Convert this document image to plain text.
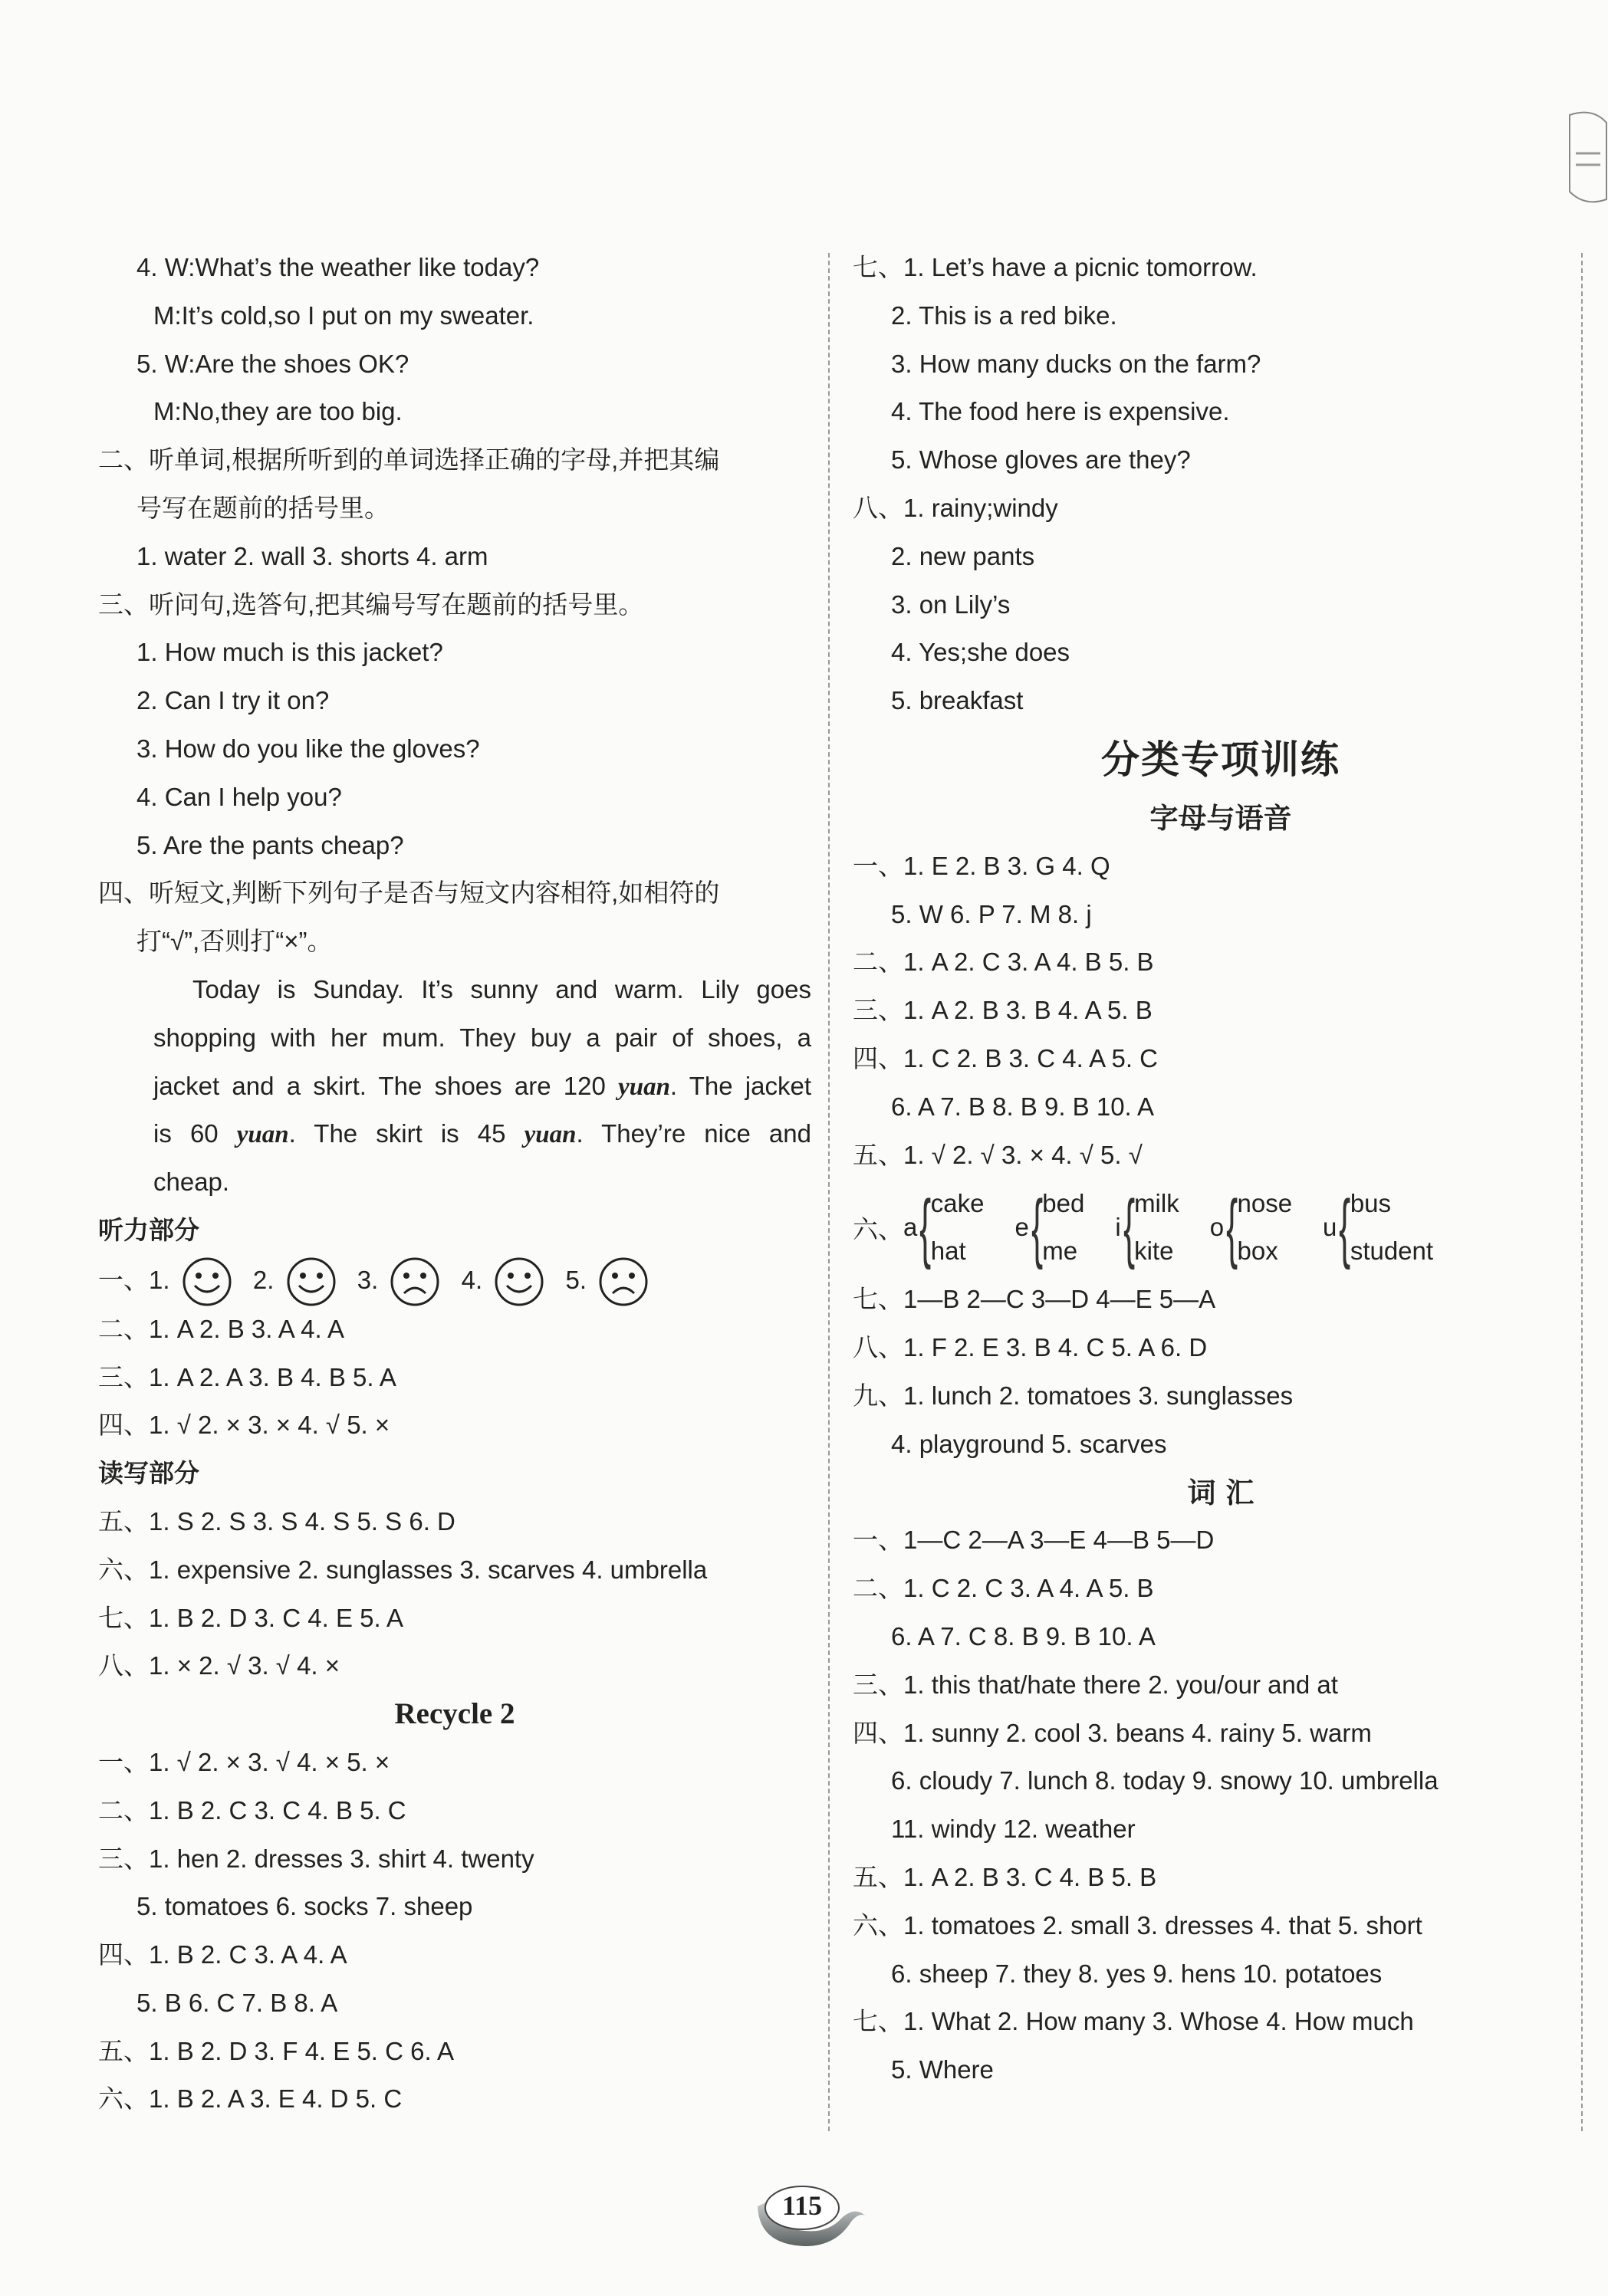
4. W:What’s the weather like today?
M:It’s cold,so I put on my sweater.
5. W:Are the shoes OK?
M:No,they are too big.
二、听单词,根据所听到的单词选择正确的字母,并把其编
号写在题前的括号里。
1. water 2. wall 3. shorts 4. arm
三、听问句,选答句,把其编号写在题前的括号里。
1. How much is this jacket?
2. Can I try it on?
3. How do you like the gloves?
4. Can I help you?
5. Are the pants cheap?
四、听短文,判断下列句子是否与短文内容相符,如相符的
打“√”,否则打“×”。
Today is Sunday. It’s sunny and warm. Lily goes
shopping with her mum. They buy a pair of shoes, a
jacket and a skirt. The shoes are 120 yuan. The jacket
is 60 yuan. The skirt is 45 yuan. They’re nice and
cheap.
听力部分
一、1.	2.	3.	4.	5.
二、1. A 2. B 3. A 4. A
三、1. A 2. A 3. B 4. B 5. A
四、1. √ 2. × 3. × 4. √ 5. ×
读写部分
五、1. S 2. S 3. S 4. S 5. S 6. D
六、1. expensive 2. sunglasses 3. scarves 4. umbrella
七、1. B 2. D 3. C 4. E 5. A
八、1. × 2. √ 3. √ 4. ×
Recycle 2
一、1. √ 2. × 3. √ 4. × 5. ×
二、1. B 2. C 3. C 4. B 5. C
三、1. hen 2. dresses 3. shirt 4. twenty
5. tomatoes 6. socks 7. sheep
四、1. B 2. C 3. A 4. A
5. B 6. C 7. B 8. A
五、1. B 2. D 3. F 4. E 5. C 6. A
六、1. B 2. A 3. E 4. D 5. C
七、1. Let’s have a picnic tomorrow.
2. This is a red bike.
3. How many ducks on the farm?
4. The food here is expensive.
5. Whose gloves are they?
八、1. rainy;windy
2. new pants
3. on Lily’s
4. Yes;she does
5. breakfast
分类专项训练
字母与语音
一、1. E 2. B 3. G 4. Q
5. W 6. P 7. M 8. j
二、1. A 2. C 3. A 4. B 5. B
三、1. A 2. B 3. B 4. A 5. B
四、1. C 2. B 3. C 4. A 5. C
6. A 7. B 8. B 9. B 10. A
五、1. √ 2. √ 3. × 4. √ 5. √
六、 a{ cake
hat
e{ bed
me
i{ milk
kite
o{ nose
box
u{ bus
student
七、1—B 2—C 3—D 4—E 5—A
八、1. F 2. E 3. B 4. C 5. A 6. D
九、1. lunch 2. tomatoes 3. sunglasses
4. playground 5. scarves
词 汇
一、1—C 2—A 3—E 4—B 5—D
二、1. C 2. C 3. A 4. A 5. B
6. A 7. C 8. B 9. B 10. A
三、1. this that/hate there 2. you/our and at
四、1. sunny 2. cool 3. beans 4. rainy 5. warm
6. cloudy 7. lunch 8. today 9. snowy 10. umbrella
11. windy 12. weather
五、1. A 2. B 3. C 4. B 5. B
六、1. tomatoes 2. small 3. dresses 4. that 5. short
6. sheep 7. they 8. yes 9. hens 10. potatoes
七、1. What 2. How many 3. Whose 4. How much
5. Where
115
